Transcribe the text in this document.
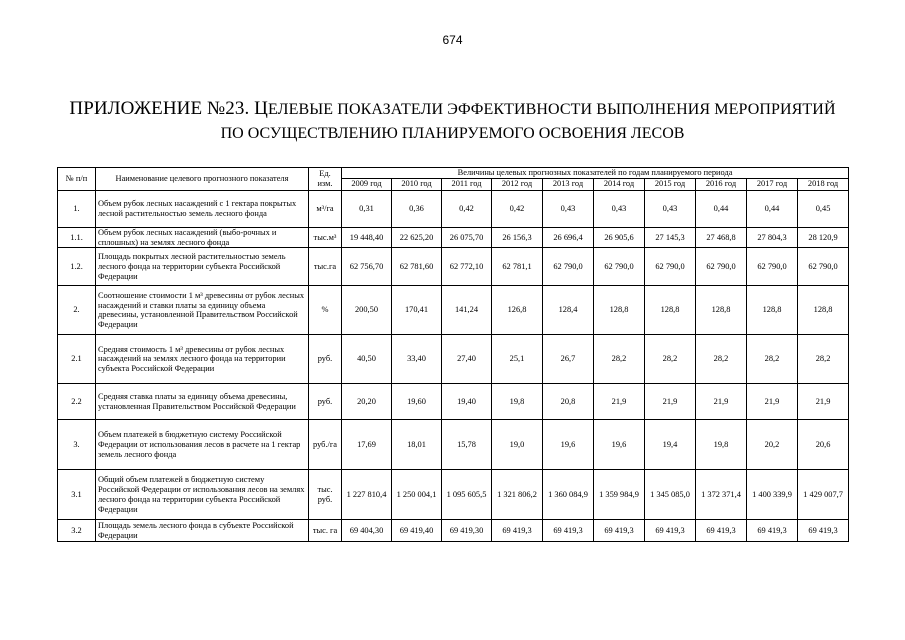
674
ПРИЛОЖЕНИЕ №23. ЦЕЛЕВЫЕ ПОКАЗАТЕЛИ ЭФФЕКТИВНОСТИ ВЫПОЛНЕНИЯ МЕРОПРИЯТИЙ
ПО ОСУЩЕСТВЛЕНИЮ ПЛАНИРУЕМОГО ОСВОЕНИЯ ЛЕСОВ
№ п/п	Наименование целевого прогнозного показателя	Ед. изм.	Величины целевых прогнозных показателей по годам планируемого периода									
			2009 год	2010 год	2011 год	2012 год	2013 год	2014 год	2015 год	2016 год	2017 год	2018 год
1.	Объем рубок лесных насаждений с 1 гектара покрытых лесной растительностью земель лесного фонда	м³/га	0,31	0,36	0,42	0,42	0,43	0,43	0,43	0,44	0,44	0,45
1.1.	Объем рубок лесных насаждений (выбо-рочных и сплошных) на землях лесного фонда	тыс.м³	19 448,40	22 625,20	26 075,70	26 156,3	26 696,4	26 905,6	27 145,3	27 468,8	27 804,3	28 120,9
1.2.	Площадь покрытых лесной растительностью земель лесного фонда на территории субъекта Российской Федерации	тыс.га	62 756,70	62 781,60	62 772,10	62 781,1	62 790,0	62 790,0	62 790,0	62 790,0	62 790,0	62 790,0
2.	Соотношение стоимости 1 м³ древесины от рубок лесных насаждений и ставки платы за единицу объема древесины, установленной Правительством Российской Федерации	%	200,50	170,41	141,24	126,8	128,4	128,8	128,8	128,8	128,8	128,8
2.1	Средняя стоимость 1 м³ древесины от рубок лесных насаждений на землях лесного фонда на территории субъекта Российской Федерации	руб.	40,50	33,40	27,40	25,1	26,7	28,2	28,2	28,2	28,2	28,2
2.2	Средняя ставка платы за единицу объема древесины, установленная Правительством Российской Федерации	руб.	20,20	19,60	19,40	19,8	20,8	21,9	21,9	21,9	21,9	21,9
3.	Объем платежей в бюджетную систему Российской Федерации от использования лесов в расчете на 1 гектар земель лесного фонда	руб./га	17,69	18,01	15,78	19,0	19,6	19,6	19,4	19,8	20,2	20,6
3.1	Общий объем платежей в бюджетную систему Российской Федерации от использования лесов на землях лесного фонда на территории субъекта Российской Федерации	тыс. руб.	1 227 810,4	1 250 004,1	1 095 605,5	1 321 806,2	1 360 084,9	1 359 984,9	1 345 085,0	1 372 371,4	1 400 339,9	1 429 007,7
3.2	Площадь земель лесного фонда в субъекте Российской Федерации	тыс. га	69 404,30	69 419,40	69 419,30	69 419,3	69 419,3	69 419,3	69 419,3	69 419,3	69 419,3	69 419,3
